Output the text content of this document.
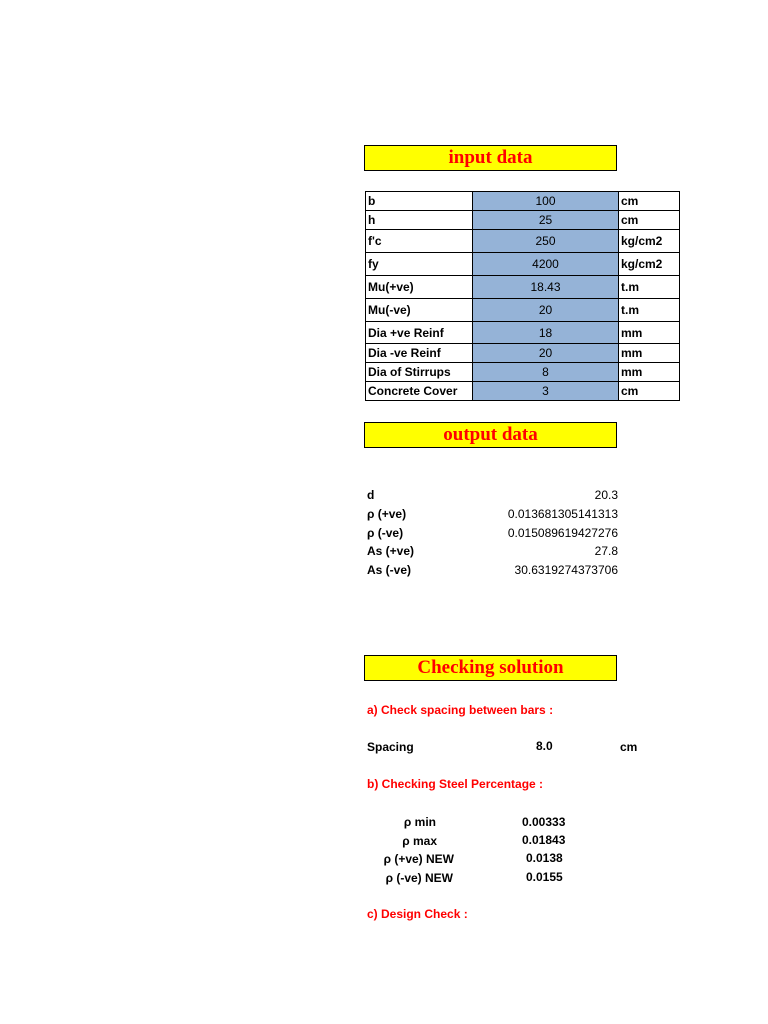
input data
b	100	cm
h	25	cm
f'c	250	kg/cm2
fy	4200	kg/cm2
Mu(+ve)	18.43	t.m
Mu(-ve)	20	t.m
Dia +ve Reinf	18	mm
Dia -ve Reinf	20	mm
Dia of Stirrups	8	mm
Concrete Cover	3	cm
output data
d	20.3
ρ (+ve)	0.013681305141313
ρ (-ve)	0.015089619427276
As (+ve)	27.8
As (-ve)	30.6319274373706
Checking solution
a) Check spacing between bars :
Spacing	8.0	cm
b) Checking Steel Percentage :
ρ min	0.00333
ρ max	0.01843
ρ (+ve) NEW	0.0138
ρ (-ve) NEW	0.0155
c) Design Check :
